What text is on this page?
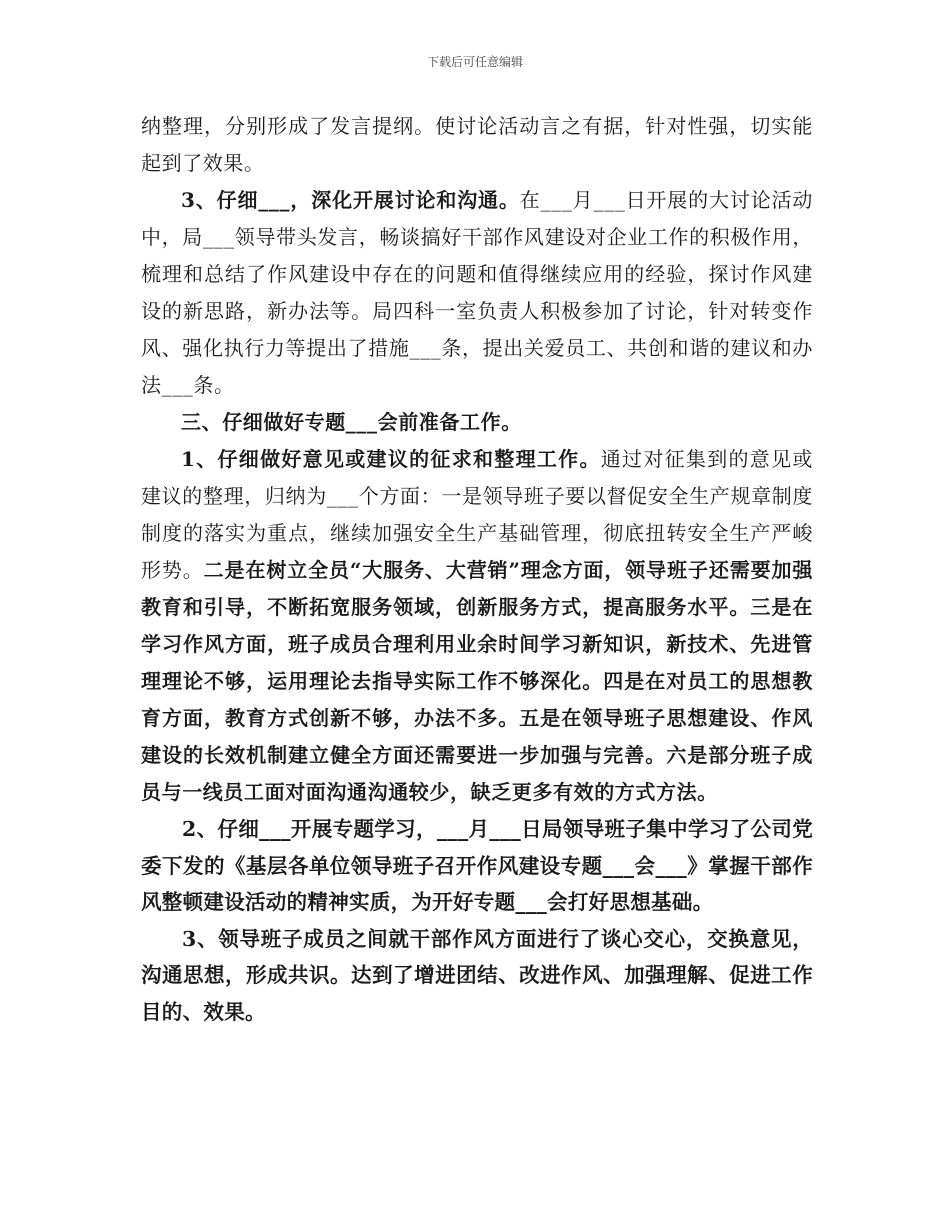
下载后可任意编辑

纳整理，分别形成了发言提纲。使讨论活动言之有据，针对性强，切实能起到了效果。

3、仔细___，深化开展讨论和沟通。在___月___日开展的大讨论活动中，局___领导带头发言，畅谈搞好干部作风建设对企业工作的积极作用，梳理和总结了作风建设中存在的问题和值得继续应用的经验，探讨作风建设的新思路，新办法等。局四科一室负责人积极参加了讨论，针对转变作风、强化执行力等提出了措施___条，提出关爱员工、共创和谐的建议和办法___条。

三、仔细做好专题___会前准备工作。

1、仔细做好意见或建议的征求和整理工作。通过对征集到的意见或建议的整理，归纳为___个方面：一是领导班子要以督促安全生产规章制度制度的落实为重点，继续加强安全生产基础管理，彻底扭转安全生产严峻形势。二是在树立全员“大服务、大营销”理念方面，领导班子还需要加强教育和引导，不断拓宽服务领域，创新服务方式，提高服务水平。三是在学习作风方面，班子成员合理利用业余时间学习新知识，新技术、先进管理理论不够，运用理论去指导实际工作不够深化。四是在对员工的思想教育方面，教育方式创新不够，办法不多。五是在领导班子思想建设、作风建设的长效机制建立健全方面还需要进一步加强与完善。六是部分班子成员与一线员工面对面沟通沟通较少，缺乏更多有效的方式方法。

2、仔细___开展专题学习，___月___日局领导班子集中学习了公司党委下发的《基层各单位领导班子召开作风建设专题___会___》掌握干部作风整顿建设活动的精神实质，为开好专题___会打好思想基础。

3、领导班子成员之间就干部作风方面进行了谈心交心，交换意见，沟通思想，形成共识。达到了增进团结、改进作风、加强理解、促进工作目的、效果。
